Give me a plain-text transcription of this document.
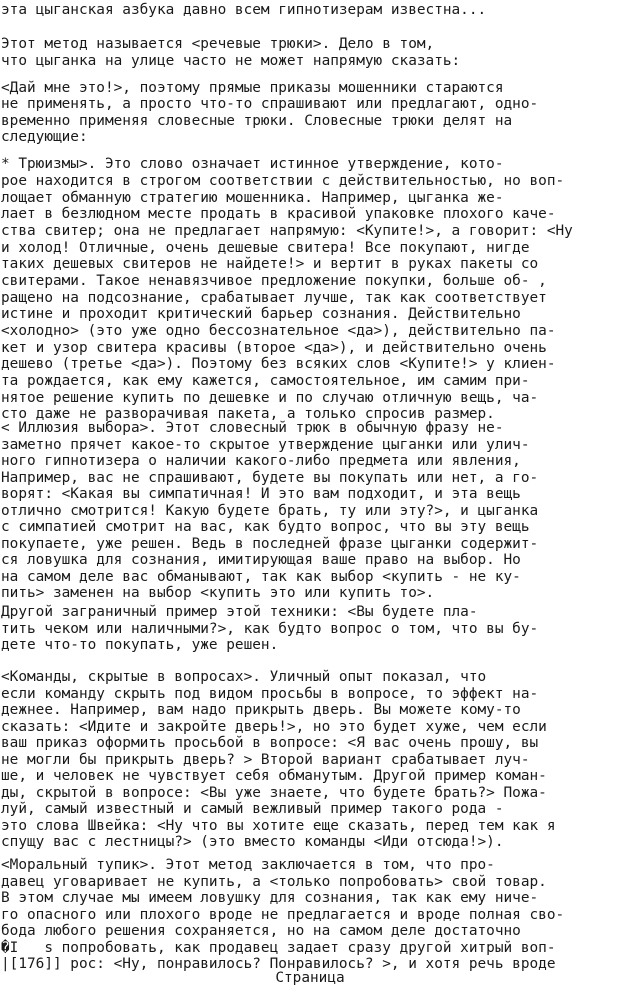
эта цыганская азбука давно всем гипнотизерам известна...
Этот метод называется <речевые трюки>. Дело в том,
что цыганка на улице часто не может напрямую сказать:
<Дай мне это!>, поэтому прямые приказы мошенники стараются
не применять, а просто что-то спрашивают или предлагают, одно-
временно применяя словесные трюки. Словесные трюки делят на
следующие:
* Трюизмы>. Это слово означает истинное утверждение, кото-
рое находится в строгом соответствии с действительностью, но воп-
лощает обманную стратегию мошенника. Например, цыганка же-
лает в безлюдном месте продать в красивой упаковке плохого каче-
ства свитер; она не предлагает напрямую: <Купите!>, а говорит: <Ну
и холод! Отличные, очень дешевые свитера! Все покупают, нигде
таких дешевых свитеров не найдете!> и вертит в руках пакеты со
свитерами. Такое ненавязчивое предложение покупки, больше об- ,
ращено на подсознание, срабатывает лучше, так как соответствует
истине и проходит критический барьер сознания. Действительно
<холодно> (это уже одно бессознательное <да>), действительно па-
кет и узор свитера красивы (второе <да>), и действительно очень
дешево (третье <да>). Поэтому без всяких слов <Купите!> у клиен-
та рождается, как ему кажется, самостоятельное, им самим при-
нятое решение купить по дешевке и по случаю отличную вещь, ча-
сто даже не разворачивая пакета, а только спросив размер.
< Иллюзия выбора>. Этот словесный трюк в обычную фразу не-
заметно прячет какое-то скрытое утверждение цыганки или улич-
ного гипнотизера о наличии какого-либо предмета или явления,
Например, вас не спрашивают, будете вы покупать или нет, а го-
ворят: <Какая вы симпатичная! И это вам подходит, и эта вещь
отлично смотрится! Какую будете брать, ту или эту?>, и цыганка
с симпатией смотрит на вас, как будто вопрос, что вы эту вещь
покупаете, уже решен. Ведь в последней фразе цыганки содержит-
ся ловушка для сознания, имитирующая ваше право на выбор. Но
на самом деле вас обманывают, так как выбор <купить - не ку-
пить> заменен на выбор <купить это или купить то>.
Другой заграничный пример этой техники: <Вы будете пла-
тить чеком или наличными?>, как будто вопрос о том, что вы бу-
дете что-то покупать, уже решен.
<Команды, скрытые в вопросах>. Уличный опыт показал, что
если команду скрыть под видом просьбы в вопросе, то эффект на-
дежнее. Например, вам надо прикрыть дверь. Вы можете кому-то
сказать: <Идите и закройте дверь!>, но это будет хуже, чем если
ваш приказ оформить просьбой в вопросе: <Я вас очень прошу, вы
не могли бы прикрыть дверь? > Второй вариант срабатывает луч-
ше, и человек не чувствует себя обманутым. Другой пример коман-
ды, скрытой в вопросе: <Вы уже знаете, что будете брать?> Пожа-
луй, самый известный и самый вежливый пример такого рода -
это слова Швейка: <Ну что вы хотите еще сказать, перед тем как я
спущу вас с лестницы?> (это вместо команды <Иди отсюда!>).
<Моральный тупик>. Этот метод заключается в том, что про-
давец уговаривает не купить, а <только попробовать> свой товар.
В этом случае мы имеем ловушку для сознания, так как ему ниче-
го опасного или плохого вроде не предлагается и вроде полная сво-
бода любого решения сохраняется, но на самом деле достаточно
�I   s попробовать, как продавец задает сразу другой хитрый воп-
|[176]] рос: <Ну, понравилось? Понравилось? >, и хотя речь вроде
Страница
